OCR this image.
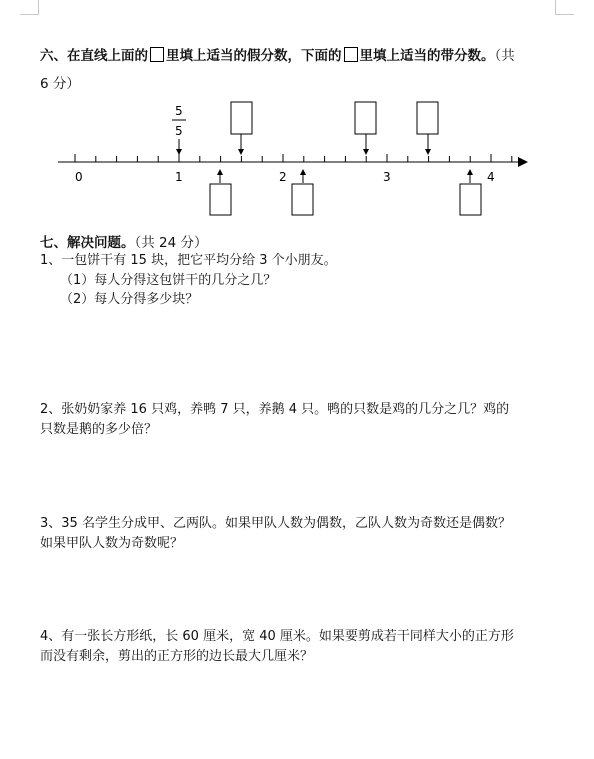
六、在直线上面的 里填上适当的假分数，下面的 里填上适当的带分数。（共
6 分）
0	1	2	3	4
5
5
七、解决问题。（共 24 分）
1、一包饼干有 15 块，把它平均分给 3 个小朋友。
（1）每人分得这包饼干的几分之几？
（2）每人分得多少块？
2、张奶奶家养 16 只鸡，养鸭 7 只，养鹅 4 只。鸭的只数是鸡的几分之几？鸡的
只数是鹅的多少倍？
3、35 名学生分成甲、乙两队。如果甲队人数为偶数，乙队人数为奇数还是偶数？
如果甲队人数为奇数呢？
4、有一张长方形纸，长 60 厘米，宽 40 厘米。如果要剪成若干同样大小的正方形
而没有剩余，剪出的正方形的边长最大几厘米？
